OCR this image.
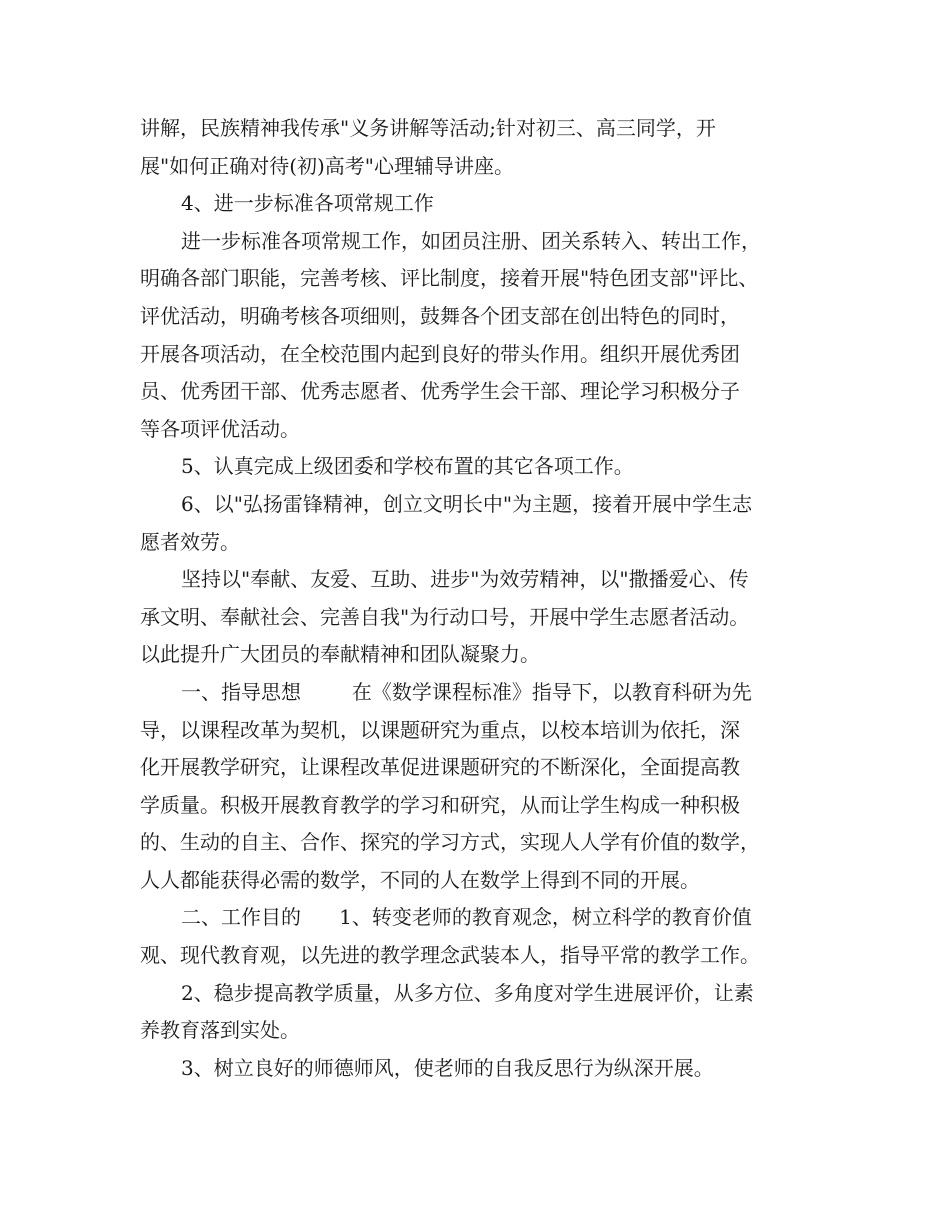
讲解，民族精神我传承"义务讲解等活动;针对初三、高三同学，开
展"如何正确对待(初)高考"心理辅导讲座。
4、进一步标准各项常规工作
进一步标准各项常规工作，如团员注册、团关系转入、转出工作，
明确各部门职能，完善考核、评比制度，接着开展"特色团支部"评比、
评优活动，明确考核各项细则，鼓舞各个团支部在创出特色的同时，
开展各项活动，在全校范围内起到良好的带头作用。组织开展优秀团
员、优秀团干部、优秀志愿者、优秀学生会干部、理论学习积极分子
等各项评优活动。
5、认真完成上级团委和学校布置的其它各项工作。
6、以"弘扬雷锋精神，创立文明长中"为主题，接着开展中学生志
愿者效劳。
坚持以"奉献、友爱、互助、进步"为效劳精神，以"撒播爱心、传
承文明、奉献社会、完善自我"为行动口号，开展中学生志愿者活动。
以此提升广大团员的奉献精神和团队凝聚力。
一、指导思想        在《数学课程标准》指导下，以教育科研为先
导，以课程改革为契机，以课题研究为重点，以校本培训为依托，深
化开展教学研究，让课程改革促进课题研究的不断深化，全面提高教
学质量。积极开展教育教学的学习和研究，从而让学生构成一种积极
的、生动的自主、合作、探究的学习方式，实现人人学有价值的数学，
人人都能获得必需的数学，不同的人在数学上得到不同的开展。
二、工作目的      1、转变老师的教育观念，树立科学的教育价值
观、现代教育观，以先进的教学理念武装本人，指导平常的教学工作。
2、稳步提高教学质量，从多方位、多角度对学生进展评价，让素
养教育落到实处。
3、树立良好的师德师风，使老师的自我反思行为纵深开展。
